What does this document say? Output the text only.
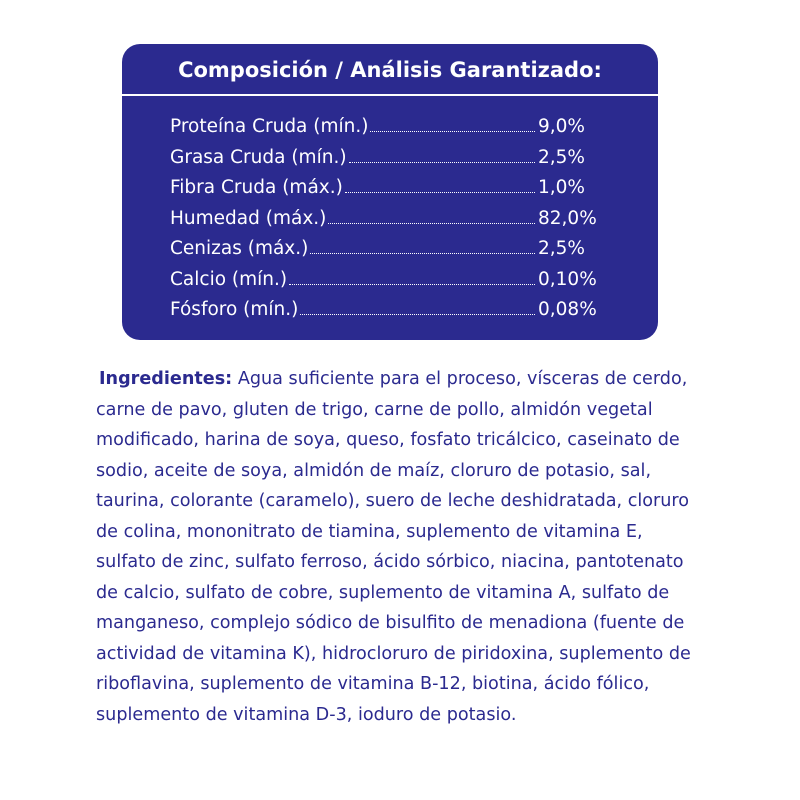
Composición / Análisis Garantizado:
Proteína Cruda (mín.)	9,0%
Grasa Cruda (mín.)	2,5%
Fibra Cruda (máx.)	1,0%
Humedad (máx.)	82,0%
Cenizas (máx.)	2,5%
Calcio (mín.)	0,10%
Fósforo (mín.)	0,08%

Ingredientes: Agua suficiente para el proceso, vísceras de cerdo, carne de pavo, gluten de trigo, carne de pollo, almidón vegetal modificado, harina de soya, queso, fosfato tricálcico, caseinato de sodio, aceite de soya, almidón de maíz, cloruro de potasio, sal, taurina, colorante (caramelo), suero de leche deshidratada, cloruro de colina, mononitrato de tiamina, suplemento de vitamina E, sulfato de zinc, sulfato ferroso, ácido sórbico, niacina, pantotenato de calcio, sulfato de cobre, suplemento de vitamina A, sulfato de manganeso, complejo sódico de bisulfito de menadiona (fuente de actividad de vitamina K), hidrocloruro de piridoxina, suplemento de riboflavina, suplemento de vitamina B-12, biotina, ácido fólico, suplemento de vitamina D-3, ioduro de potasio.
